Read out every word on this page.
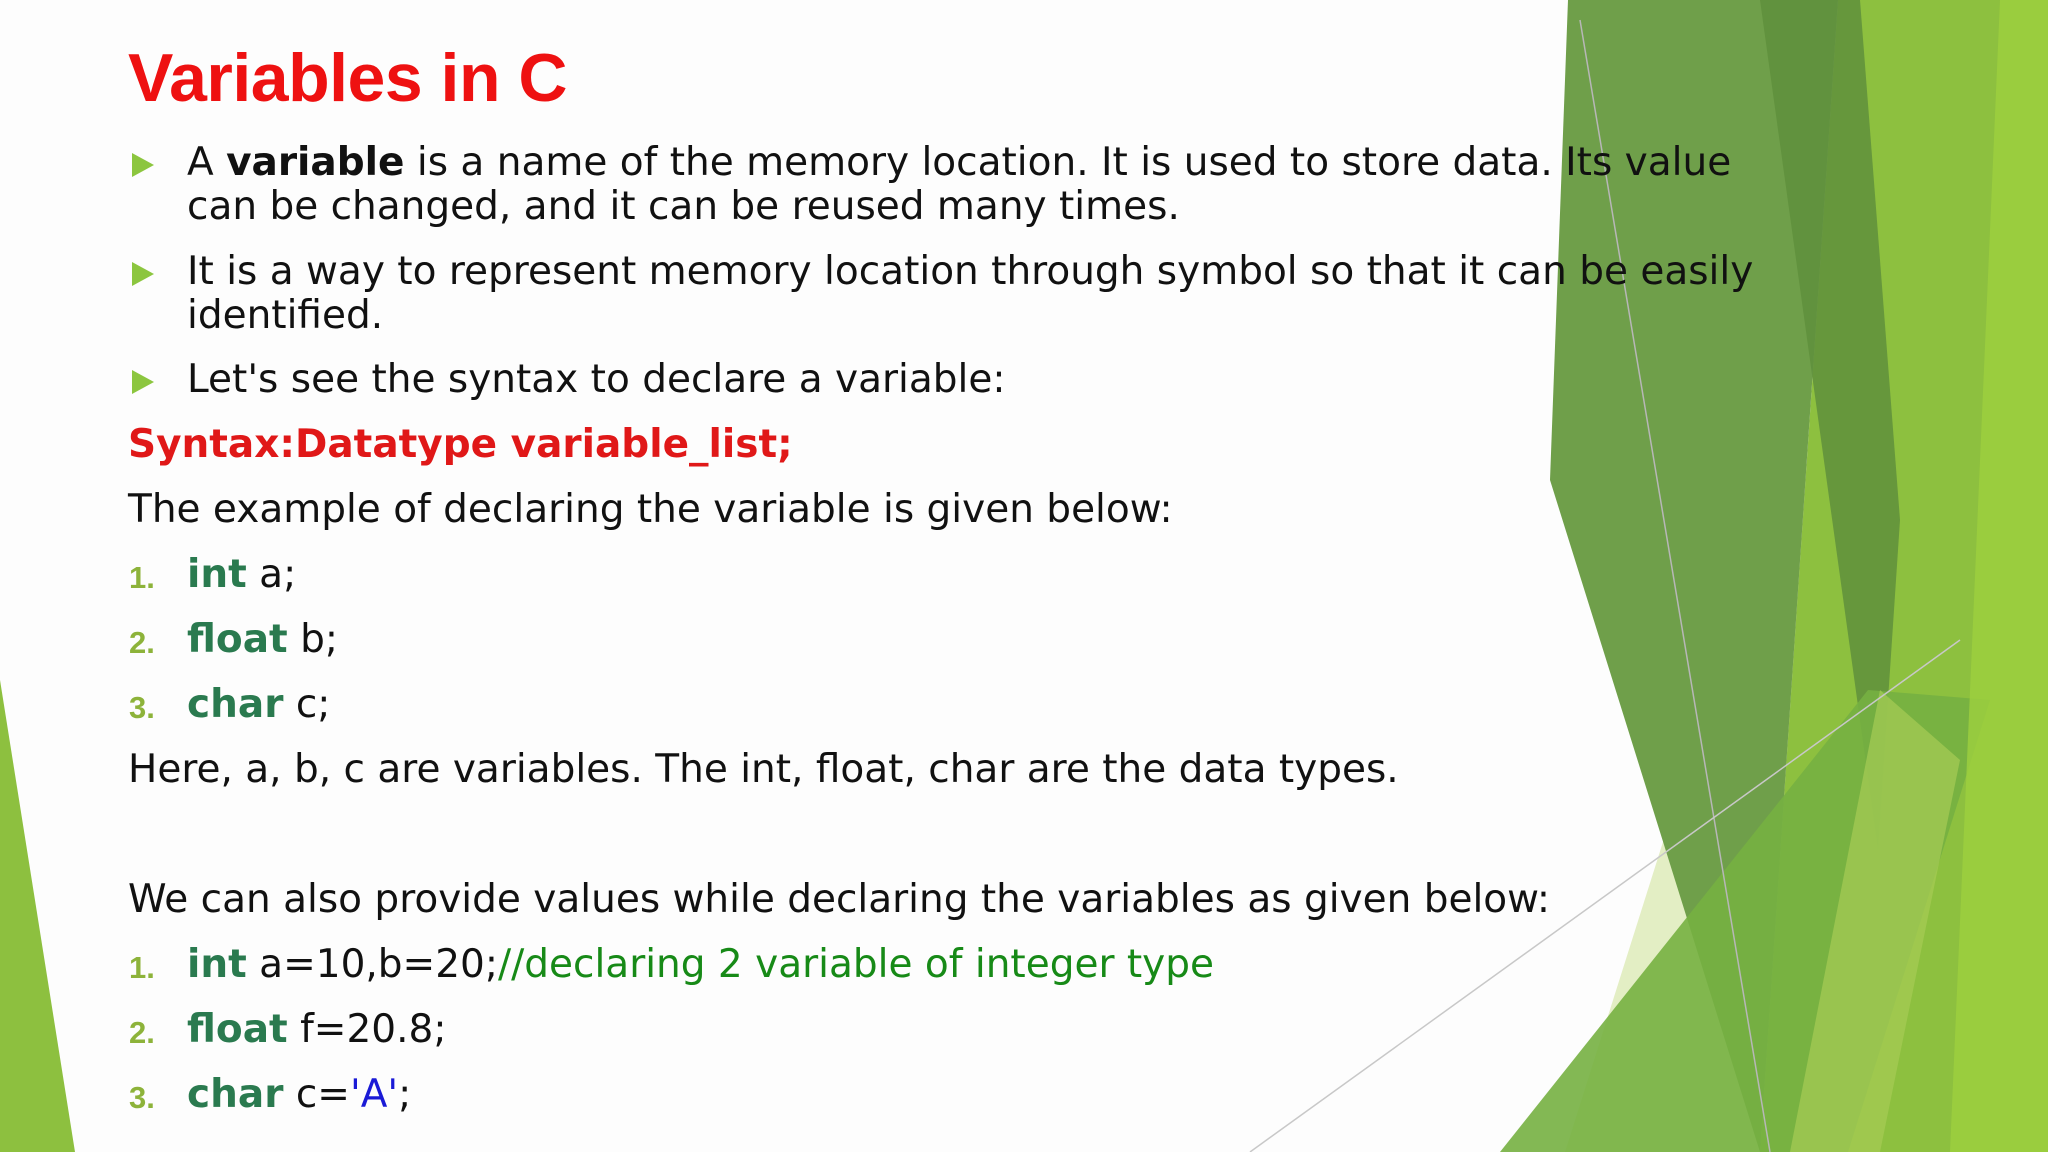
Variables in C
A variable is a name of the memory location. It is used to store data. Its value
can be changed, and it can be reused many times.
It is a way to represent memory location through symbol so that it can be easily
identified.
Let's see the syntax to declare a variable:
Syntax:Datatype variable_list;
The example of declaring the variable is given below:
1. int a;
2. float b;
3. char c;
Here, a, b, c are variables. The int, float, char are the data types.
We can also provide values while declaring the variables as given below:
1. int a=10,b=20;//declaring 2 variable of integer type
2. float f=20.8;
3. char c='A';
